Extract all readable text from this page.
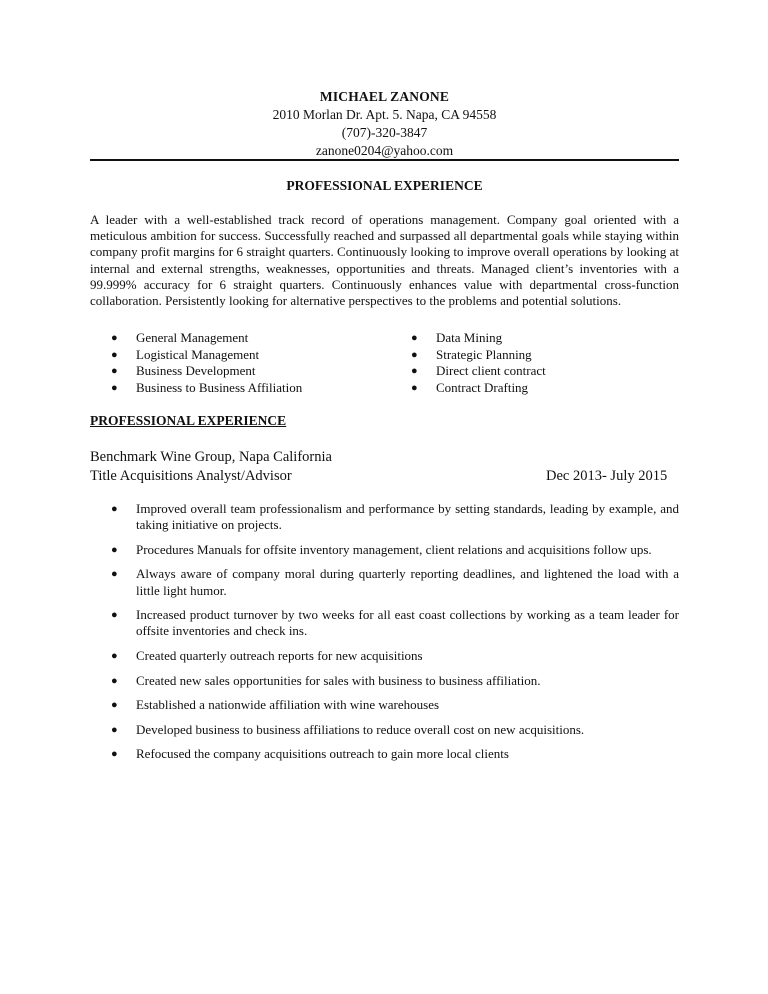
MICHAEL ZANONE
2010 Morlan Dr. Apt. 5. Napa, CA 94558
(707)-320-3847
zanone0204@yahoo.com
PROFESSIONAL EXPERIENCE

A leader with a well-established track record of operations management. Company goal oriented with a meticulous ambition for success. Successfully reached and surpassed all departmental goals while staying within company profit margins for 6 straight quarters. Continuously looking to improve overall operations by looking at internal and external strengths, weaknesses, opportunities and threats. Managed client’s inventories with a 99.999% accuracy for 6 straight quarters. Continuously enhances value with departmental cross-function collaboration. Persistently looking for alternative perspectives to the problems and potential solutions.

● General Management
● Logistical Management
● Business Development
● Business to Business Affiliation
● Data Mining
● Strategic Planning
● Direct client contract
● Contract Drafting
PROFESSIONAL EXPERIENCE
Benchmark Wine Group, Napa California
Title Acquisitions Analyst/Advisor	Dec 2013- July 2015
● Improved overall team professionalism and performance by setting standards, leading by example, and taking initiative on projects.
● Procedures Manuals for offsite inventory management, client relations and acquisitions follow ups.
● Always aware of company moral during quarterly reporting deadlines, and lightened the load with a little light humor.
● Increased product turnover by two weeks for all east coast collections by working as a team leader for offsite inventories and check ins.
● Created quarterly outreach reports for new acquisitions
● Created new sales opportunities for sales with business to business affiliation.
● Established a nationwide affiliation with wine warehouses
● Developed business to business affiliations to reduce overall cost on new acquisitions.
● Refocused the company acquisitions outreach to gain more local clients
